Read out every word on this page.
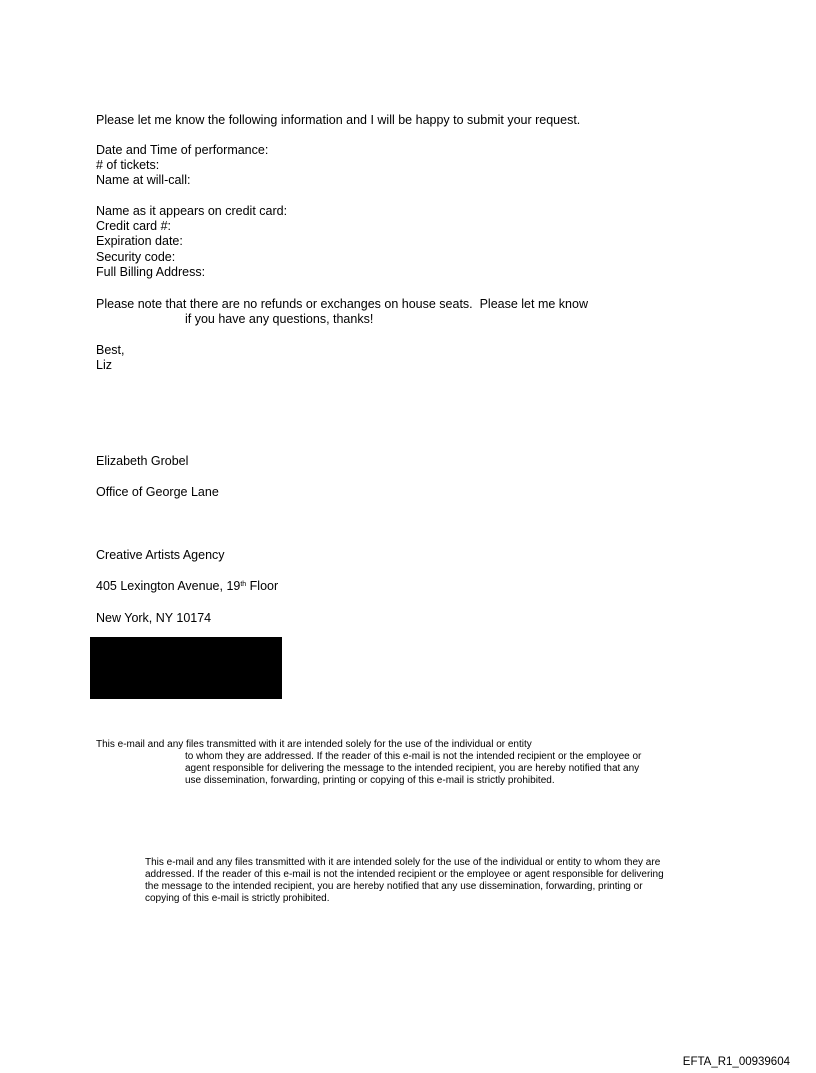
Please let me know the following information and I will be happy to submit your request.
Date and Time of performance:
# of tickets:
Name at will-call:
Name as it appears on credit card:
Credit card #:
Expiration date:
Security code:
Full Billing Address:
Please note that there are no refunds or exchanges on house seats.  Please let me know
if you have any questions, thanks!
Best,
Liz
Elizabeth Grobel
Office of George Lane
Creative Artists Agency
405 Lexington Avenue, 19th Floor
New York, NY 10174
This e-mail and any files transmitted with it are intended solely for the use of the individual or entity
to whom they are addressed. If the reader of this e-mail is not the intended recipient or the employee or agent responsible for delivering the message to the intended recipient, you are hereby notified that any use dissemination, forwarding, printing or copying of this e-mail is strictly prohibited.
This e-mail and any files transmitted with it are intended solely for the use of the individual or entity to whom they are addressed. If the reader of this e-mail is not the intended recipient or the employee or agent responsible for delivering the message to the intended recipient, you are hereby notified that any use dissemination, forwarding, printing or copying of this e-mail is strictly prohibited.
EFTA_R1_00939604
